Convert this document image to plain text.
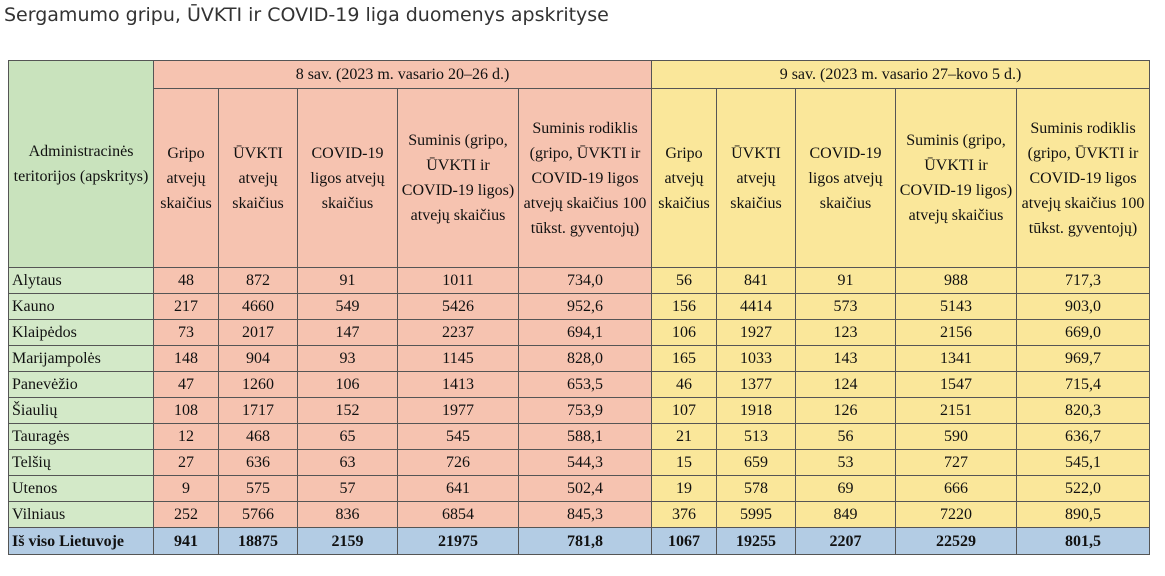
Sergamumo gripu, ŪVKTI ir COVID-19 liga duomenys apskrityse
Administracinės teritorijos (apskritys)	8 sav. (2023 m. vasario 20–26 d.)					9 sav. (2023 m. vasario 27–kovo 5 d.)				
	Gripo atvejų skaičius	ŪVKTI atvejų skaičius	COVID-19 ligos atvejų skaičius	Suminis (gripo, ŪVKTI ir COVID-19 ligos) atvejų skaičius	Suminis rodiklis (gripo, ŪVKTI ir COVID-19 ligos atvejų skaičius 100 tūkst. gyventojų)	Gripo atvejų skaičius	ŪVKTI atvejų skaičius	COVID-19 ligos atvejų skaičius	Suminis (gripo, ŪVKTI ir COVID-19 ligos) atvejų skaičius	Suminis rodiklis (gripo, ŪVKTI ir COVID-19 ligos atvejų skaičius 100 tūkst. gyventojų)
Alytaus	48	872	91	1011	734,0	56	841	91	988	717,3
Kauno	217	4660	549	5426	952,6	156	4414	573	5143	903,0
Klaipėdos	73	2017	147	2237	694,1	106	1927	123	2156	669,0
Marijampolės	148	904	93	1145	828,0	165	1033	143	1341	969,7
Panevėžio	47	1260	106	1413	653,5	46	1377	124	1547	715,4
Šiaulių	108	1717	152	1977	753,9	107	1918	126	2151	820,3
Tauragės	12	468	65	545	588,1	21	513	56	590	636,7
Telšių	27	636	63	726	544,3	15	659	53	727	545,1
Utenos	9	575	57	641	502,4	19	578	69	666	522,0
Vilniaus	252	5766	836	6854	845,3	376	5995	849	7220	890,5
Iš viso Lietuvoje	941	18875	2159	21975	781,8	1067	19255	2207	22529	801,5
